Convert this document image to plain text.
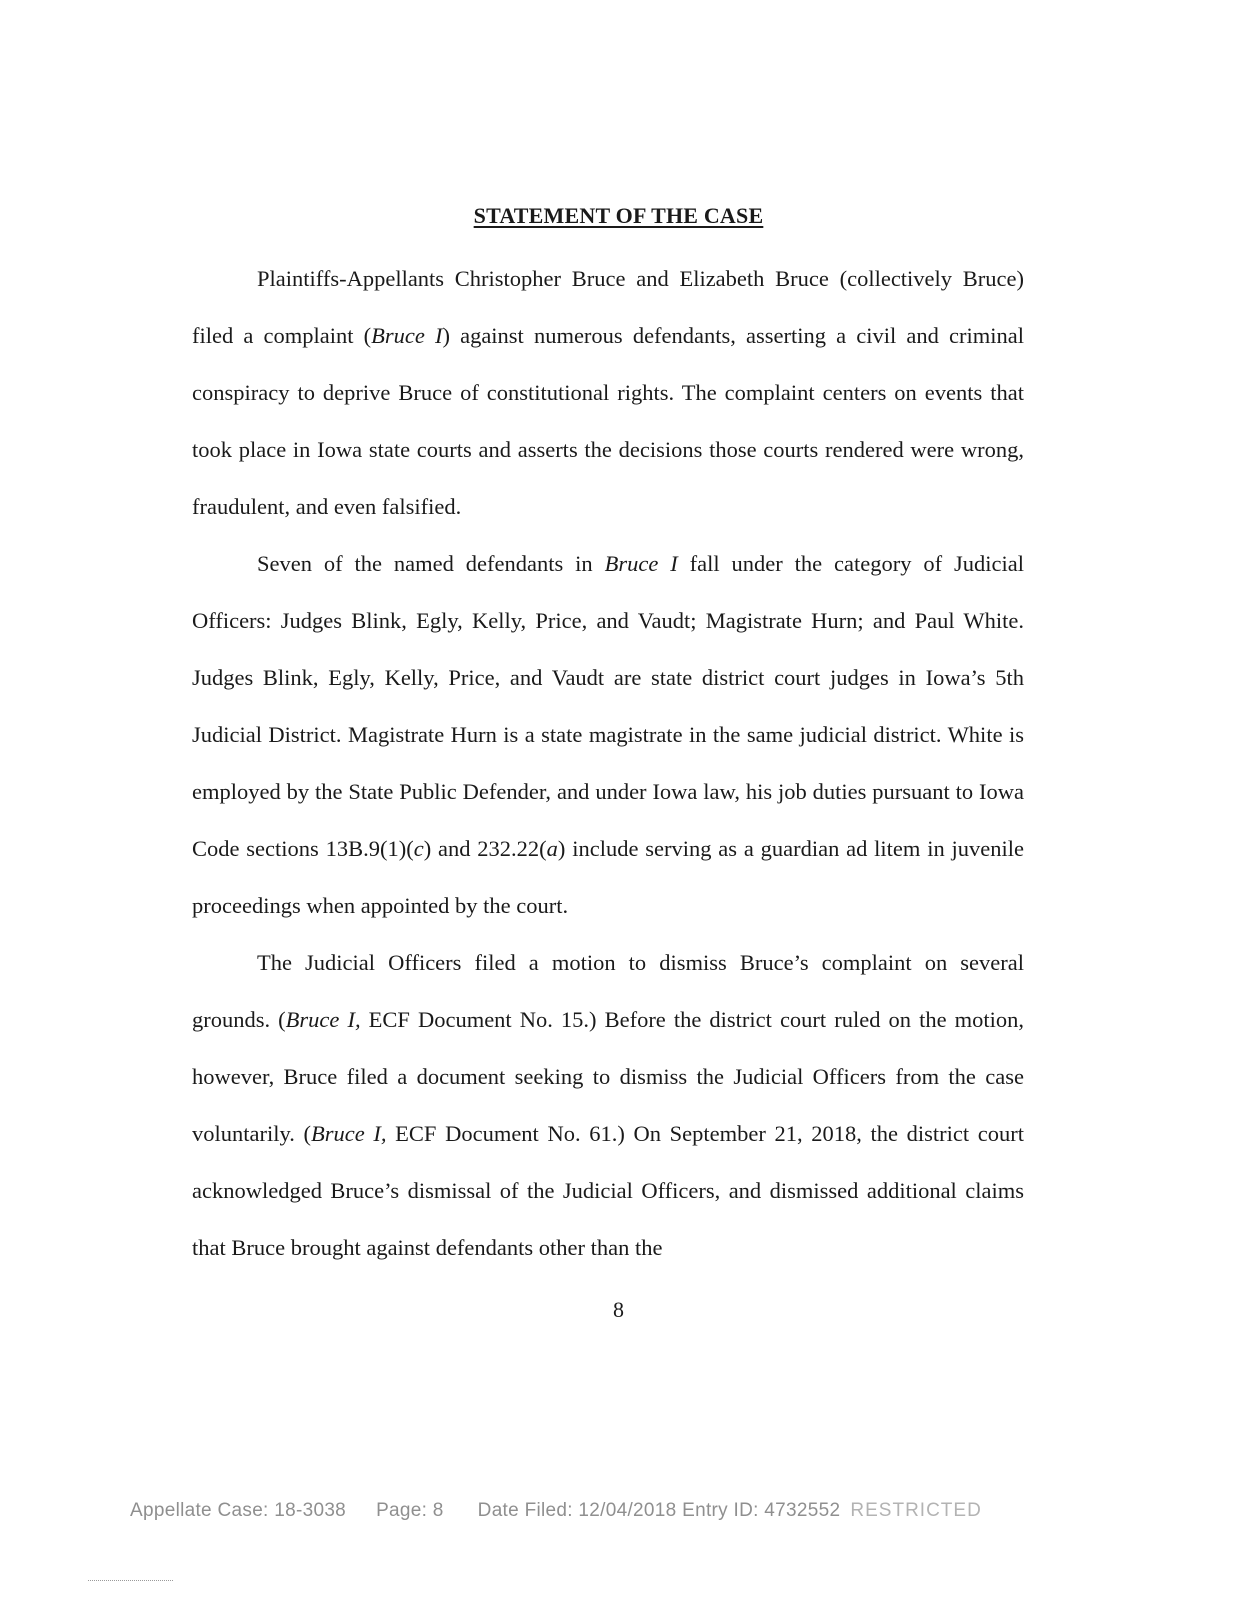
STATEMENT OF THE CASE

Plaintiffs-Appellants Christopher Bruce and Elizabeth Bruce (collectively Bruce) filed a complaint (Bruce I) against numerous defendants, asserting a civil and criminal conspiracy to deprive Bruce of constitutional rights. The complaint centers on events that took place in Iowa state courts and asserts the decisions those courts rendered were wrong, fraudulent, and even falsified.

Seven of the named defendants in Bruce I fall under the category of Judicial Officers: Judges Blink, Egly, Kelly, Price, and Vaudt; Magistrate Hurn; and Paul White. Judges Blink, Egly, Kelly, Price, and Vaudt are state district court judges in Iowa’s 5th Judicial District. Magistrate Hurn is a state magistrate in the same judicial district. White is employed by the State Public Defender, and under Iowa law, his job duties pursuant to Iowa Code sections 13B.9(1)(c) and 232.22(a) include serving as a guardian ad litem in juvenile proceedings when appointed by the court.

The Judicial Officers filed a motion to dismiss Bruce’s complaint on several grounds. (Bruce I, ECF Document No. 15.) Before the district court ruled on the motion, however, Bruce filed a document seeking to dismiss the Judicial Officers from the case voluntarily. (Bruce I, ECF Document No. 61.) On September 21, 2018, the district court acknowledged Bruce’s dismissal of the Judicial Officers, and dismissed additional claims that Bruce brought against defendants other than the

8
Appellate Case: 18-3038 Page: 8 Date Filed: 12/04/2018 Entry ID: 4732552 RESTRICTED
